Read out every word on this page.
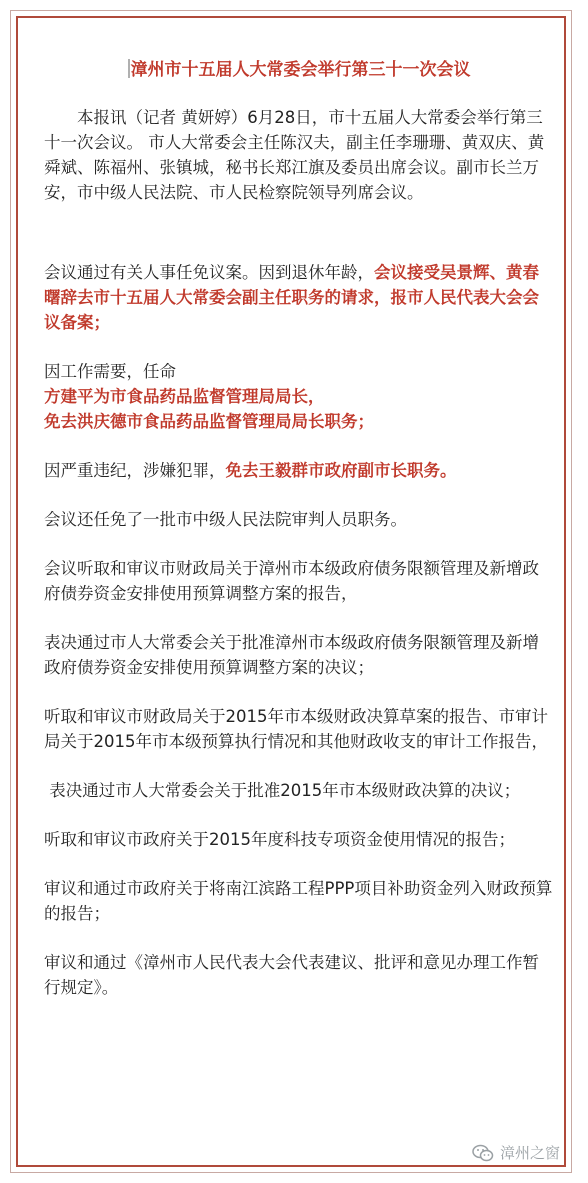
漳州市十五届人大常委会举行第三十一次会议

本报讯（记者 黄妍婷）6月28日，市十五届人大常委会举行第三十一次会议。 市人大常委会主任陈汉夫，副主任李珊珊、黄双庆、黄舜斌、陈福州、张镇城，秘书长郑江旗及委员出席会议。副市长兰万安，市中级人民法院、市人民检察院领导列席会议。

会议通过有关人事任免议案。因到退休年龄，会议接受吴景辉、黄春曙辞去市十五届人大常委会副主任职务的请求，报市人民代表大会会议备案；

因工作需要，任命
方建平为市食品药品监督管理局局长，
免去洪庆德市食品药品监督管理局局长职务；

因严重违纪，涉嫌犯罪，免去王毅群市政府副市长职务。

会议还任免了一批市中级人民法院审判人员职务。

会议听取和审议市财政局关于漳州市本级政府债务限额管理及新增政府债券资金安排使用预算调整方案的报告，

表决通过市人大常委会关于批准漳州市本级政府债务限额管理及新增政府债券资金安排使用预算调整方案的决议；

听取和审议市财政局关于2015年市本级财政决算草案的报告、市审计局关于2015年市本级预算执行情况和其他财政收支的审计工作报告，

表决通过市人大常委会关于批准2015年市本级财政决算的决议；

听取和审议市政府关于2015年度科技专项资金使用情况的报告；

审议和通过市政府关于将南江滨路工程PPP项目补助资金列入财政预算的报告；

审议和通过《漳州市人民代表大会代表建议、批评和意见办理工作暂行规定》。

漳州之窗
